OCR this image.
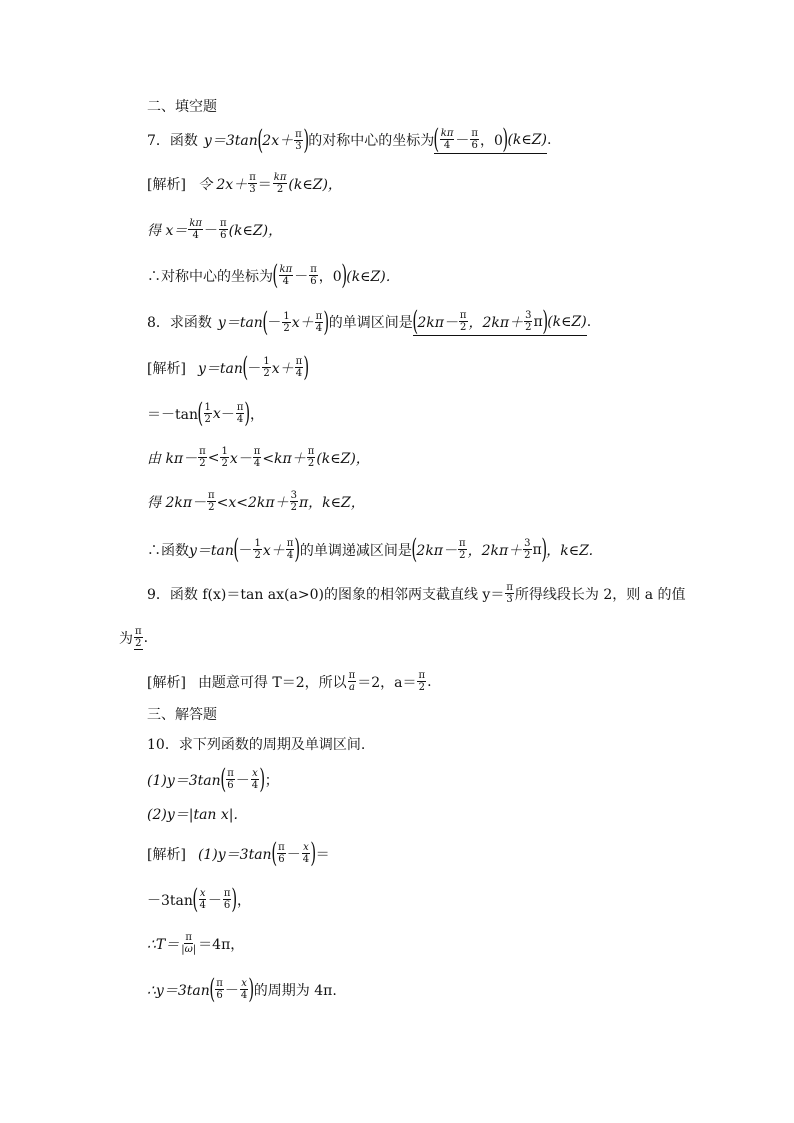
二、填空题
7． 函数 y＝3tan ( $2x+ \frac{\pi}{3}$ ) 的对称中心的坐标为 ( $\frac{k\pi}{4} - \frac{\pi}{6}$ ，0 ) (k∈Z) .
[解析] 令 $2x+ \frac{\pi}{3} = \frac{k\pi}{2}$ (k∈Z)，
得 $x= \frac{k\pi}{4} - \frac{\pi}{6}$ (k∈Z)，
∴对称中心的坐标为 ( $\frac{k\pi}{4} - \frac{\pi}{6}$ ，0 ) (k∈Z)．
8． 求函数 y＝tan ( － $\frac{1}{2} x+ \frac{\pi}{4}$ ) 的单调区间是 ( $2k\pi- \frac{\pi}{2}$ ，$2k\pi+ \frac{3}{2}$ π ) (k∈Z) .
[解析] y＝tan ( － $\frac{1}{2} x+ \frac{\pi}{4}$ )
＝－tan ( $\frac{1}{2}$ $x - \frac{\pi}{4}$ ) ，
由 $k\pi- \frac{\pi}{2} < \frac{1}{2} x- \frac{\pi}{4} <k\pi+ \frac{\pi}{2}$ (k∈Z)，
得 $2k\pi- \frac{\pi}{2} <x<2k\pi+ \frac{3}{2}$ π，k∈Z，
∴函数 y＝tan ( － $\frac{1}{2} x+ \frac{\pi}{4}$ ) 的单调递减区间是 ( $2k\pi- \frac{\pi}{2}$ ，$2k\pi+ \frac{3}{2}$ π ) ，k∈Z.
9． 函数 f(x)＝tan ax(a>0)的图象的相邻两支截直线 $y= \frac{\pi}{3}$ 所得线段长为 2，则 a 的值
为 $\frac{\pi}{2}$ .
[解析] 由题意可得 T＝2，所以 $\frac{\pi}{a} =2$，$a= \frac{\pi}{2}$ .
三、解答题
10． 求下列函数的周期及单调区间.
(1)y＝3tan ( $\frac{\pi}{6} - \frac{x}{4}$ ) ；
(2)y＝|tan x|.
[解析] (1)y＝3tan ( $\frac{\pi}{6} - \frac{x}{4}$ ) ＝
－3tan ( $\frac{x}{4} - \frac{\pi}{6}$ ) ，
∴T＝ $\frac{\pi}{|\omega|} =4\pi$，
∴y＝3tan ( $\frac{\pi}{6} - \frac{x}{4}$ ) 的周期为 4π.
